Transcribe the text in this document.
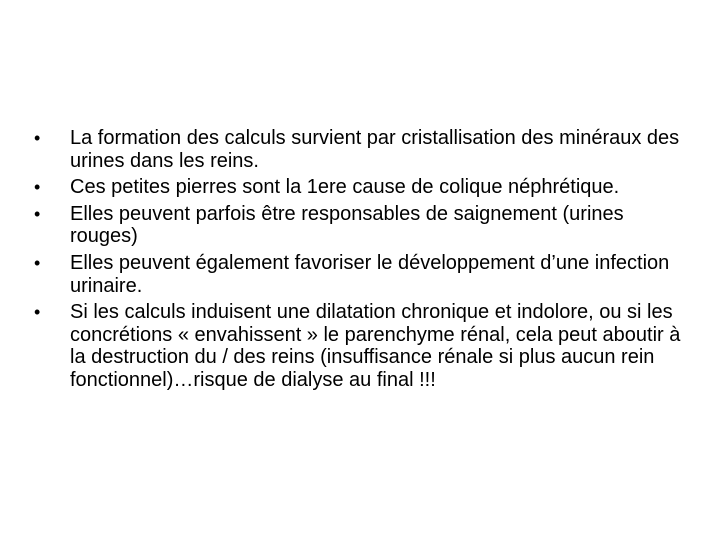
•	La formation des calculs survient par cristallisation des minéraux des urines dans les reins.
•	Ces petites pierres sont la 1ere cause de colique néphrétique.
•	Elles peuvent parfois être responsables de saignement (urines rouges)
•	Elles peuvent également favoriser le développement d’une infection urinaire.
•	Si les calculs induisent une dilatation chronique et indolore, ou si les concrétions « envahissent » le parenchyme rénal, cela peut aboutir à la destruction du / des reins (insuffisance rénale si plus aucun rein fonctionnel)…risque de dialyse au final !!!
